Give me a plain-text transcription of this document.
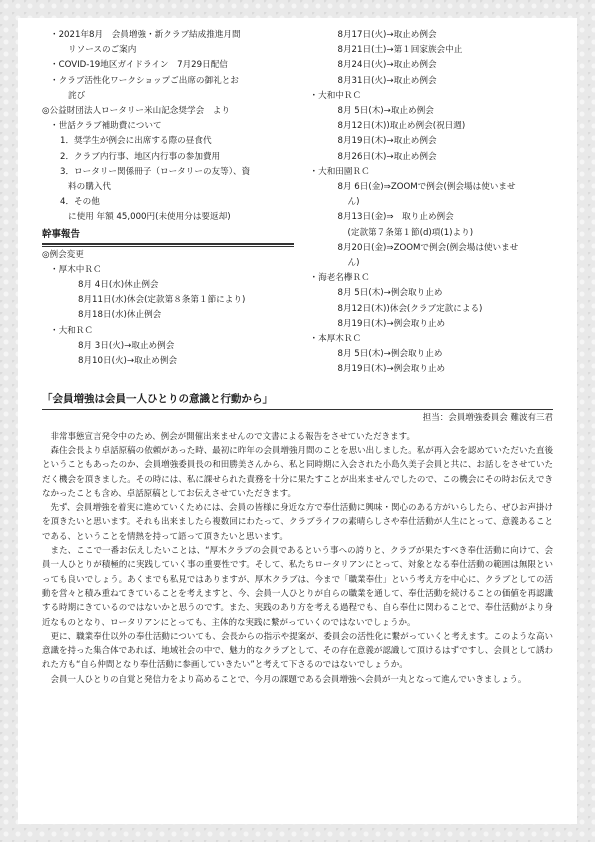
・2021年8月　会員増強・新クラブ結成推進月間
リソースのご案内
・COVID-19地区ガイドライン　7月29日配信
・クラブ活性化ワークショップご出席の御礼とお
詫び
◎公益財団法人ロータリー米山記念奨学会　より
・世話クラブ補助費について
1．奨学生が例会に出席する際の昼食代
2．クラブ内行事、地区内行事の参加費用
3．ロータリー関係冊子（ロータリーの友等）、資
料の購入代
4．その他
に使用 年額 45,000円(未使用分は要返却)
幹事報告
◎例会変更
・厚木中ＲＣ
8月 4日(水)休止例会
8月11日(水)休会(定款第８条第１節により)
8月18日(水)休止例会
・大和ＲＣ
8月 3日(火)→取止め例会
8月10日(火)→取止め例会
8月17日(火)→取止め例会
8月21日(土)→第１回家族会中止
8月24日(火)→取止め例会
8月31日(火)→取止め例会
・大和中ＲＣ
8月 5日(木)→取止め例会
8月12日(木))取止め例会(祝日週)
8月19日(木)→取止め例会
8月26日(木)→取止め例会
・大和田園ＲＣ
8月 6日(金)⇒ZOOMで例会(例会場は使いませ
ん)
8月13日(金)⇒　取り止め例会
(定款第７条第１節(d)項(1)より)
8月20日(金)⇒ZOOMで例会(例会場は使いませ
ん)
・海老名欅ＲＣ
8月 5日(木)→例会取り止め
8月12日(木))休会(クラブ定款による)
8月19日(木)→例会取り止め
・本厚木ＲＣ
8月 5日(木)→例会取り止め
8月19日(木)→例会取り止め
「会員増強は会員一人ひとりの意識と行動から」
担当：会員増強委員会 難波有三君

非常事態宣言発令中のため、例会が開催出来ませんので文書による報告をさせていただきます。

森住会長より卓話原稿の依頼があった時、最初に昨年の会員増強月間のことを思い出しました。私が再入会を認めていただいた直後ということもあったのか、会員増強委員長の和田勝美さんから、私と同時期に入会された小島久美子会員と共に、お話しをさせていただく機会を頂きました。その時には、私に課せられた責務を十分に果たすことが出来ませんでしたので、この機会にその時お伝えできなかったことも含め、卓話原稿としてお伝えさせていただきます。

先ず、会員増強を着実に進めていくためには、会員の皆様に身近な方で奉仕活動に興味・関心のある方がいらしたら、ぜひお声掛けを頂きたいと思います。それも出来ましたら複数回にわたって、クラブライフの素晴らしさや奉仕活動が人生にとって、意義あることである、ということを情熱を持って語って頂きたいと思います。

また、ここで一番お伝えしたいことは、“厚木クラブの会員であるという事への誇りと、クラブが果たすべき奉仕活動に向けて、会員一人ひとりが積極的に実践していく事の重要性です。そして、私たちロータリアンにとって、対象となる奉仕活動の範囲は無限といっても良いでしょう。あくまでも私見ではありますが、厚木クラブは、今まで「職業奉仕」という考え方を中心に、クラブとしての活動を営々と積み重ねてきていることを考えますと、今、会員一人ひとりが自らの職業を通して、奉仕活動を続けることの価値を再認識する時期にきているのではないかと思うのです。また、実践のあり方を考える過程でも、自ら奉仕に関わることで、奉仕活動がより身近なものとなり、ロータリアンにとっても、主体的な実践に繋がっていくのではないでしょうか。

更に、職業奉仕以外の奉仕活動についても、会長からの指示や提案が、委員会の活性化に繋がっていくと考えます。このような高い意識を持った集合体であれば、地域社会の中で、魅力的なクラブとして、その存在意義が認識して頂けるはずですし、会員として誘われた方も“自ら仲間となり奉仕活動に参画していきたい”と考えて下さるのではないでしょうか。

会員一人ひとりの自覚と発信力をより高めることで、今月の課題である会員増強へ会員が一丸となって進んでいきましょう。
